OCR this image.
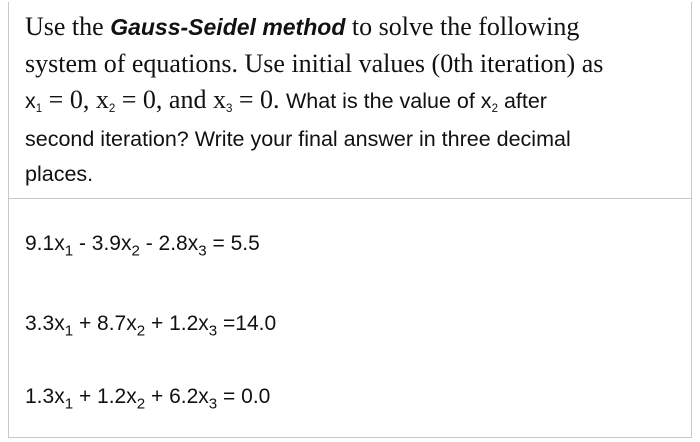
Use the Gauss-Seidel method to solve the following
system of equations. Use initial values (0th iteration) as
$x_1 = 0$, $x_2 = 0$, and $x_3 = 0$. What is the value of $x_2$ after
second iteration? Write your final answer in three decimal
places.
$9.1x_1 - 3.9x_2 - 2.8x_3 = 5.5$
$3.3x_1 + 8.7x_2 + 1.2x_3 =14.0$
$1.3x_1 + 1.2x_2 + 6.2x_3 = 0.0$
